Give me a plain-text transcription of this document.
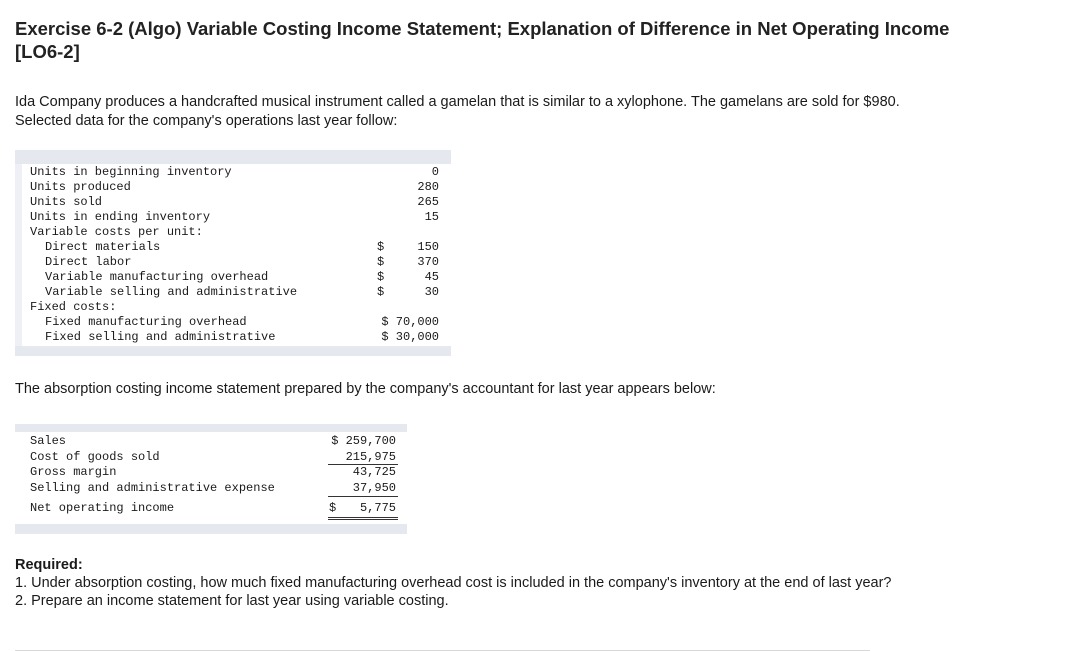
Exercise 6-2 (Algo) Variable Costing Income Statement; Explanation of Difference in Net Operating Income [LO6-2]

Ida Company produces a handcrafted musical instrument called a gamelan that is similar to a xylophone. The gamelans are sold for $980. Selected data for the company's operations last year follow:

Units in beginning inventory	0
Units produced	280
Units sold	265
Units in ending inventory	15
Variable costs per unit:
Direct materials	$	150
Direct labor	$	370
Variable manufacturing overhead	$	45
Variable selling and administrative	$	30
Fixed costs:
Fixed manufacturing overhead	$ 70,000
Fixed selling and administrative	$ 30,000

The absorption costing income statement prepared by the company's accountant for last year appears below:

Sales	$ 259,700
Cost of goods sold	215,975
Gross margin	43,725
Selling and administrative expense	37,950
Net operating income	$ 5,775
Required:
1. Under absorption costing, how much fixed manufacturing overhead cost is included in the company's inventory at the end of last year?
2. Prepare an income statement for last year using variable costing.
